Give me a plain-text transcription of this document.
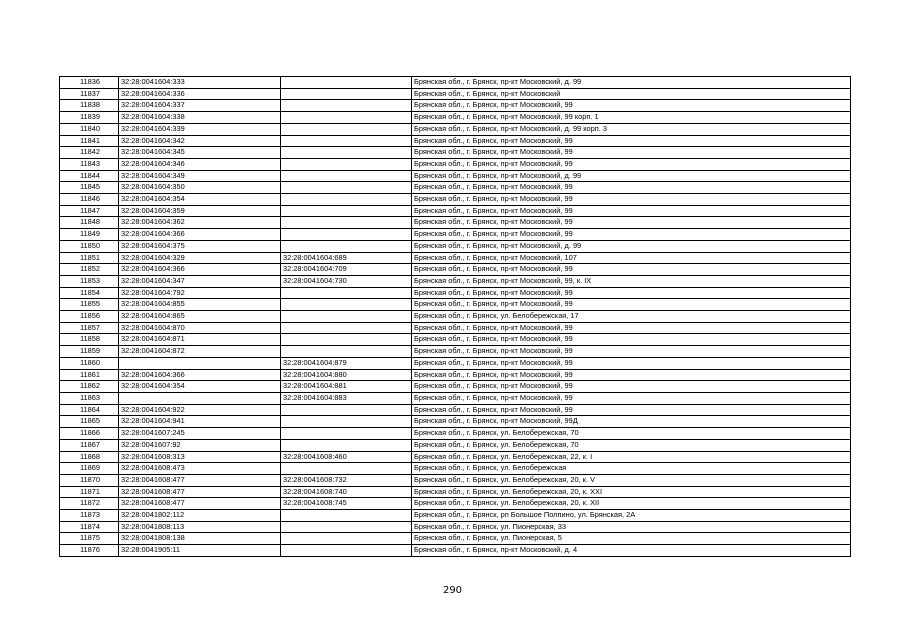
11836	32:28:0041604:333		Брянская обл., г. Брянск, пр-кт Московский, д. 99
11837	32:28:0041604:336		Брянская обл., г. Брянск, пр-кт Московский
11838	32:28:0041604:337		Брянская обл., г. Брянск, пр-кт Московский, 99
11839	32:28:0041604:338		Брянская обл., г. Брянск, пр-кт Московский, 99 корп. 1
11840	32:28:0041604:339		Брянская обл., г. Брянск, пр-кт Московский, д. 99 корп. 3
11841	32:28:0041604:342		Брянская обл., г. Брянск, пр-кт Московский, 99
11842	32:28:0041604:345		Брянская обл., г. Брянск, пр-кт Московский, 99
11843	32:28:0041604:346		Брянская обл., г. Брянск, пр-кт Московский, 99
11844	32:28:0041604:349		Брянская обл., г. Брянск, пр-кт Московский, д. 99
11845	32:28:0041604:350		Брянская обл., г. Брянск, пр-кт Московский, 99
11846	32:28:0041604:354		Брянская обл., г. Брянск, пр-кт Московский, 99
11847	32:28:0041604:359		Брянская обл., г. Брянск, пр-кт Московский, 99
11848	32:28:0041604:362		Брянская обл., г. Брянск, пр-кт Московский, 99
11849	32:28:0041604:366		Брянская обл., г. Брянск, пр-кт Московский, 99
11850	32:28:0041604:375		Брянская обл., г. Брянск, пр-кт Московский, д. 99
11851	32:28:0041604:329	32:28:0041604:689	Брянская обл., г. Брянск, пр-кт Московский, 107
11852	32:28:0041604:366	32:28:0041604:709	Брянская обл., г. Брянск, пр-кт Московский, 99
11853	32:28:0041604:347	32:28:0041604:730	Брянская обл., г. Брянск, пр-кт Московский, 99, к. IX
11854	32:28:0041604:792		Брянская обл., г. Брянск, пр-кт Московский, 99
11855	32:28:0041604:855		Брянская обл., г. Брянск, пр-кт Московский, 99
11856	32:28:0041604:865		Брянская обл., г. Брянск, ул. Белобережская, 17
11857	32:28:0041604:870		Брянская обл., г. Брянск, пр-кт Московский, 99
11858	32:28:0041604:871		Брянская обл., г. Брянск, пр-кт Московский, 99
11859	32:28:0041604:872		Брянская обл., г. Брянск, пр-кт Московский, 99
11860		32:28:0041604:879	Брянская обл., г. Брянск, пр-кт Московский, 99
11861	32:28:0041604:366	32:28:0041604:880	Брянская обл., г. Брянск, пр-кт Московский, 99
11862	32:28:0041604:354	32:28:0041604:881	Брянская обл., г. Брянск, пр-кт Московский, 99
11863		32:28:0041604:883	Брянская обл., г. Брянск, пр-кт Московский, 99
11864	32:28:0041604:922		Брянская обл., г. Брянск, пр-кт Московский, 99
11865	32:28:0041604:941		Брянская обл., г. Брянск, пр-кт Московский, 99Д
11866	32:28:0041607:245		Брянская обл., г. Брянск, ул. Белобережская, 70
11867	32:28:0041607:92		Брянская обл., г. Брянск, ул. Белобережская, 70
11868	32:28:0041608:313	32:28:0041608:460	Брянская обл., г. Брянск, ул. Белобережская, 22, к. I
11869	32:28:0041608:473		Брянская обл., г. Брянск, ул. Белобережская
11870	32:28:0041608:477	32:28:0041608:732	Брянская обл., г. Брянск, ул. Белобережская, 20, к. V
11871	32:28:0041608:477	32:28:0041608:740	Брянская обл., г. Брянск, ул. Белобережская, 20, к. XXI
11872	32:28:0041608:477	32:28:0041608:745	Брянская обл., г. Брянск, ул. Белобережская, 20, к. XII
11873	32:28:0041802:112		Брянская обл., г. Брянск, рп Большое Полпино, ул. Брянская, 2А
11874	32:28:0041808:113		Брянская обл., г. Брянск, ул. Пионерская, 33
11875	32:28:0041808:138		Брянская обл., г. Брянск, ул. Пионерская, 5
11876	32:28:0041905:11		Брянская обл., г. Брянск, пр-кт Московский, д. 4
290
